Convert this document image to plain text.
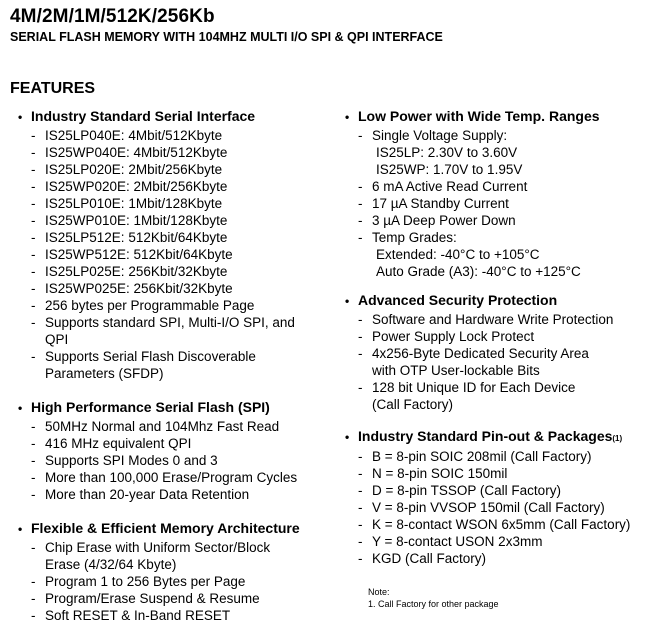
4M/2M/1M/512K/256Kb
SERIAL FLASH MEMORY WITH 104MHZ MULTI I/O SPI & QPI INTERFACE
FEATURES
• Industry Standard Serial Interface
- IS25LP040E: 4Mbit/512Kbyte
- IS25WP040E: 4Mbit/512Kbyte
- IS25LP020E: 2Mbit/256Kbyte
- IS25WP020E: 2Mbit/256Kbyte
- IS25LP010E: 1Mbit/128Kbyte
- IS25WP010E: 1Mbit/128Kbyte
- IS25LP512E: 512Kbit/64Kbyte
- IS25WP512E: 512Kbit/64Kbyte
- IS25LP025E: 256Kbit/32Kbyte
- IS25WP025E: 256Kbit/32Kbyte
- 256 bytes per Programmable Page
- Supports standard SPI, Multi-I/O SPI, and
QPI
- Supports Serial Flash Discoverable
Parameters (SFDP)
• High Performance Serial Flash (SPI)
- 50MHz Normal and 104Mhz Fast Read
- 416 MHz equivalent QPI
- Supports SPI Modes 0 and 3
- More than 100,000 Erase/Program Cycles
- More than 20-year Data Retention
• Flexible & Efficient Memory Architecture
- Chip Erase with Uniform Sector/Block
Erase (4/32/64 Kbyte)
- Program 1 to 256 Bytes per Page
- Program/Erase Suspend & Resume
- Soft RESET & In-Band RESET
• Low Power with Wide Temp. Ranges
- Single Voltage Supply:
IS25LP: 2.30V to 3.60V
IS25WP: 1.70V to 1.95V
- 6 mA Active Read Current
- 17 µA Standby Current
- 3 µA Deep Power Down
- Temp Grades:
Extended: -40°C to +105°C
Auto Grade (A3): -40°C to +125°C
• Advanced Security Protection
- Software and Hardware Write Protection
- Power Supply Lock Protect
- 4x256-Byte Dedicated Security Area
with OTP User-lockable Bits
- 128 bit Unique ID for Each Device
(Call Factory)
• Industry Standard Pin-out & Packages (1)
- B = 8-pin SOIC 208mil (Call Factory)
- N = 8-pin SOIC 150mil
- D = 8-pin TSSOP (Call Factory)
- V = 8-pin VVSOP 150mil (Call Factory)
- K = 8-contact WSON 6x5mm (Call Factory)
- Y = 8-contact USON 2x3mm
- KGD (Call Factory)
Note:
1. Call Factory for other package
